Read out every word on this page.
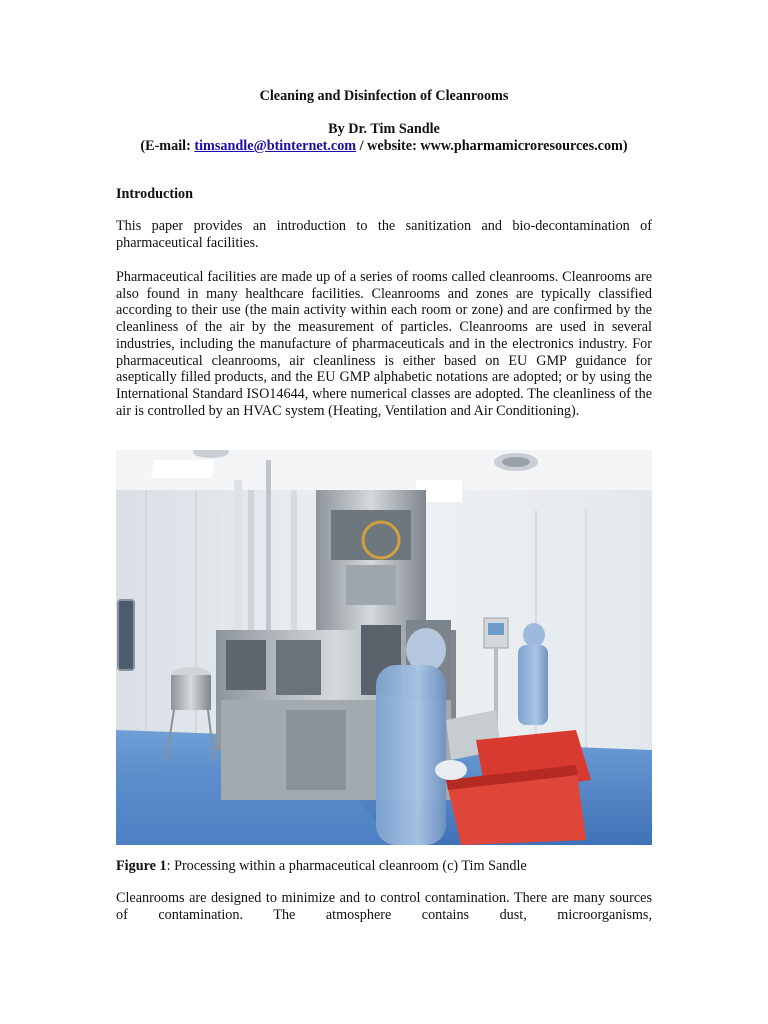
Cleaning and Disinfection of Cleanrooms
By Dr. Tim Sandle
(E-mail: timsandle@btinternet.com / website: www.pharmamicroresources.com)
Introduction

This paper provides an introduction to the sanitization and bio-decontamination of pharmaceutical facilities.

Pharmaceutical facilities are made up of a series of rooms called cleanrooms. Cleanrooms are also found in many healthcare facilities. Cleanrooms and zones are typically classified according to their use (the main activity within each room or zone) and are confirmed by the cleanliness of the air by the measurement of particles. Cleanrooms are used in several industries, including the manufacture of pharmaceuticals and in the electronics industry. For pharmaceutical cleanrooms, air cleanliness is either based on EU GMP guidance for aseptically filled products, and the EU GMP alphabetic notations are adopted; or by using the International Standard ISO14644, where numerical classes are adopted. The cleanliness of the air is controlled by an HVAC system (Heating, Ventilation and Air Conditioning).

Figure 1: Processing within a pharmaceutical cleanroom (c) Tim Sandle

Cleanrooms are designed to minimize and to control contamination. There are many sources of contamination. The atmosphere contains dust, microorganisms,
